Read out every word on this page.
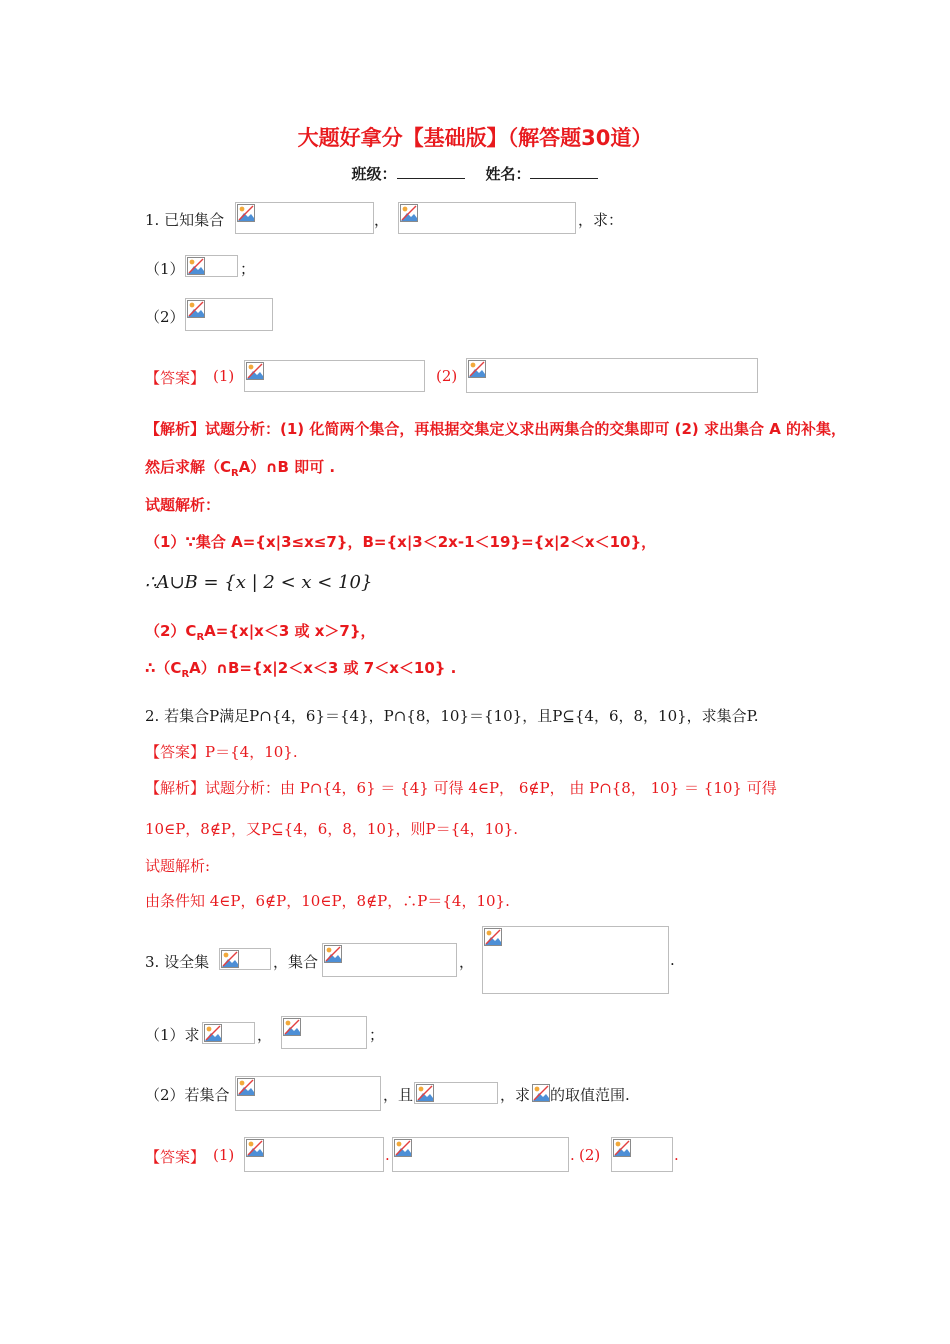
大题好拿分【基础版】（解答题30道）
班级：	姓名：
1. 已知集合	，	，求：
（1）	；
（2）
【答案】 (1)	(2)
【解析】试题分析：(1) 化简两个集合，再根据交集定义求出两集合的交集即可 (2) 求出集合 A 的补集，
然后求解$(C_RA)\cap B$ 即可 .
试题解析：
（1）∵集合 A={x|3≤x≤7}，B={x|3＜2x-1＜19}={x|2＜x＜10}，
∴A∪B = {x | 2 < x < 10}
$(2)C_RA=\{x|x<3$ 或 x＞7}，
$\therefore(C_RA)\cap B=\{x|2<x<3$ 或 7＜x＜10} .
2. 若集合P满足P∩{4，6}＝{4}，P∩{8，10}＝{10}，且P⊆{4，6，8，10}，求集合P.
【答案】P＝{4，10}.
【解析】试题分析：由 P∩{4，6} ＝ {4} 可得 4∈P， 6∉P， 由 P∩{8， 10} ＝ {10} 可得
10∈P，8∉P，又P⊆{4，6，8，10}，则P＝{4，10}.
试题解析:
由条件知 4∈P，6∉P，10∈P，8∉P，∴P＝{4，10}.
3. 设全集	，集合	，	.
（1）求	，	；
（2）若集合	，且	，求 的取值范围.
【答案】 (1)	.	. (2)	.
